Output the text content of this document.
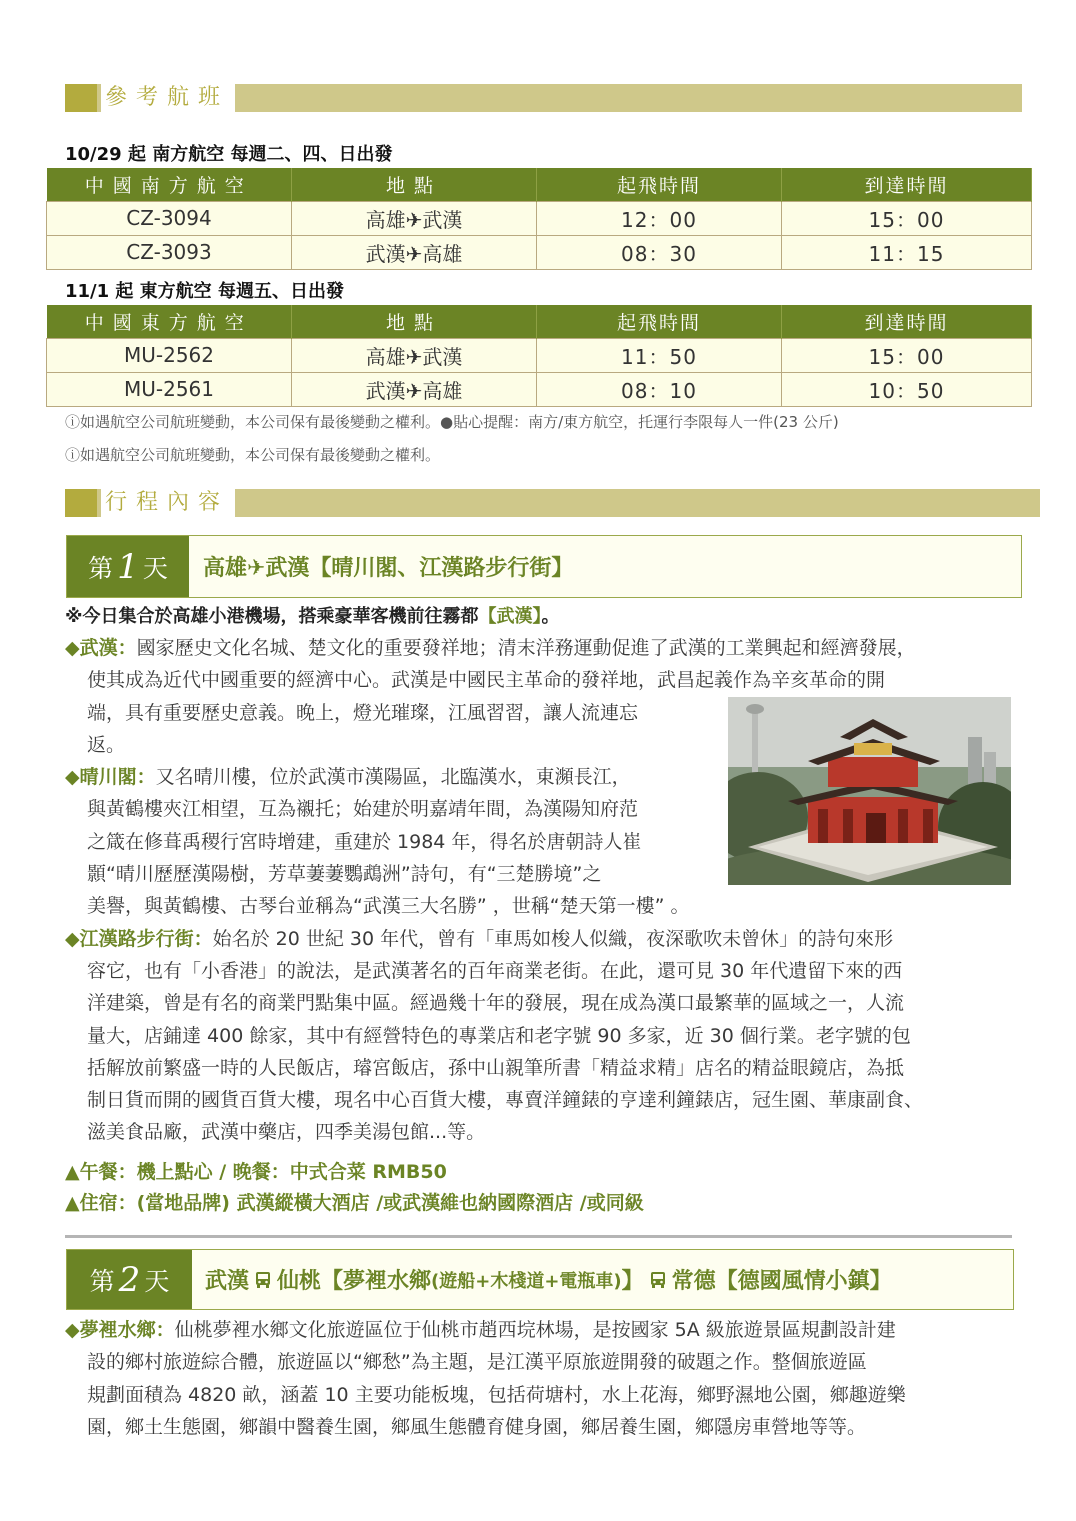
參考航班
10/29 起 南方航空 每週二、四、日出發
中國南方航空	地點	起飛時間	到達時間
CZ-3094	高雄✈武漢	12：00	15：00
CZ-3093	武漢✈高雄	08：30	11：15
11/1 起 東方航空 每週五、日出發
中國東方航空	地點	起飛時間	到達時間
MU-2562	高雄✈武漢	11：50	15：00
MU-2561	武漢✈高雄	08：10	10：50
ⓘ如遇航空公司航班變動，本公司保有最後變動之權利。●貼心提醒：南方/東方航空，托運行李限每人一件(23 公斤)
ⓘ如遇航空公司航班變動，本公司保有最後變動之權利。
行程內容
第 1 天 高雄✈武漢【晴川閣、江漢路步行街】
※今日集合於高雄小港機場，搭乘豪華客機前往霧都【武漢】。
◆武漢：國家歷史文化名城、楚文化的重要發祥地；清末洋務運動促進了武漢的工業興起和經濟發展，
使其成為近代中國重要的經濟中心。武漢是中國民主革命的發祥地，武昌起義作為辛亥革命的開
端，具有重要歷史意義。晚上，燈光璀璨，江風習習，讓人流連忘
返。
◆晴川閣：又名晴川樓，位於武漢市漢陽區，北臨漢水，東瀕長江，
與黃鶴樓夾江相望，互為襯托；始建於明嘉靖年間，為漢陽知府范
之箴在修葺禹稷行宮時增建，重建於 1984 年，得名於唐朝詩人崔
顥“晴川歷歷漢陽樹，芳草萋萋鸚鵡洲”詩句，有“三楚勝境”之
美譽，與黃鶴樓、古琴台並稱為“武漢三大名勝” ，世稱“楚天第一樓” 。
◆江漢路步行街：始名於 20 世紀 30 年代，曾有「車馬如梭人似織，夜深歌吹未曾休」的詩句來形
容它，也有「小香港」的說法，是武漢著名的百年商業老街。在此，還可見 30 年代遺留下來的西
洋建築，曾是有名的商業門點集中區。經過幾十年的發展，現在成為漢口最繁華的區域之一，人流
量大，店鋪達 400 餘家，其中有經營特色的專業店和老字號 90 多家，近 30 個行業。老字號的包
括解放前繁盛一時的人民飯店，璿宮飯店，孫中山親筆所書「精益求精」店名的精益眼鏡店，為抵
制日貨而開的國貨百貨大樓，現名中心百貨大樓，專賣洋鐘錶的亨達利鐘錶店，冠生園、華康副食、
滋美食品廠，武漢中藥店，四季美湯包館...等。
▲午餐：機上點心 / 晚餐：中式合菜 RMB50
▲住宿：(當地品牌) 武漢縱橫大酒店 /或武漢維也納國際酒店 /或同級
第 2 天 武漢 仙桃【夢裡水鄉 (遊船+木棧道+電瓶車) 】 常德【德國風情小鎮】
◆夢裡水鄉：仙桃夢裡水鄉文化旅遊區位于仙桃市趙西垸林場，是按國家 5A 級旅遊景區規劃設計建
設的鄉村旅遊綜合體，旅遊區以“鄉愁”為主題，是江漢平原旅遊開發的破題之作。整個旅遊區
規劃面積為 4820 畝，涵蓋 10 主要功能板塊，包括荷塘村，水上花海，鄉野濕地公園，鄉趣遊樂
園，鄉土生態園，鄉韻中醫養生園，鄉風生態體育健身園，鄉居養生園，鄉隱房車營地等等。
